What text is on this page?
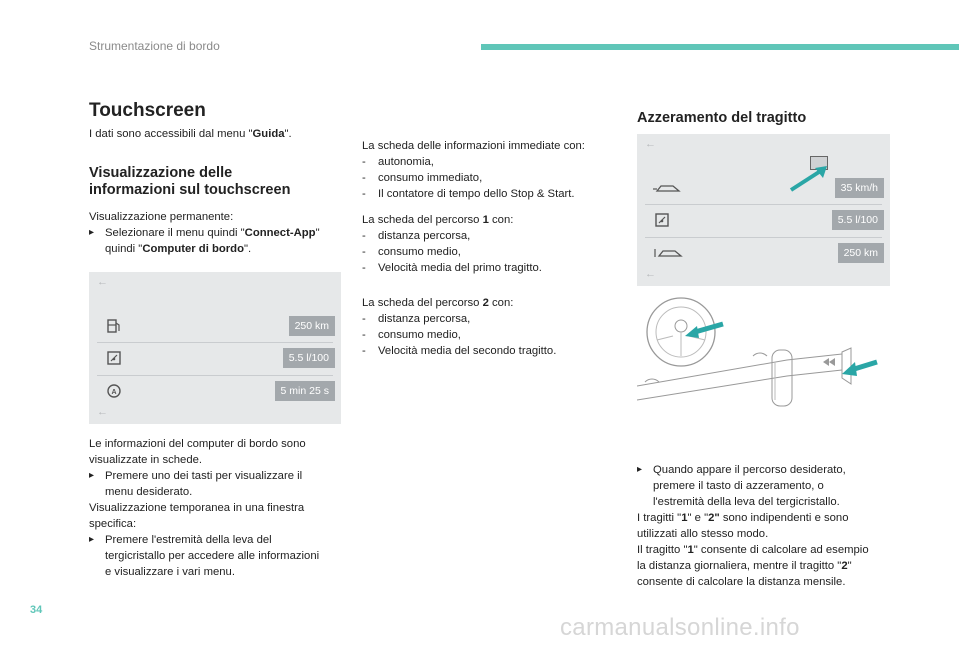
Strumentazione di bordo
Touchscreen
I dati sono accessibili dal menu "Guida".
Visualizzazione delle
informazioni sul touchscreen

Visualizzazione permanente:

▸ Selezionare il menu quindi "Connect-App"
quindi "Computer di bordo".
←
250 km
5.5 l/100
A	5 min 25 s
←

Le informazioni del computer di bordo sono

visualizzate in schede.

▸ Premere uno dei tasti per visualizzare il
menu desiderato.

Visualizzazione temporanea in una finestra

specifica:

▸ Premere l'estremità della leva del
tergicristallo per accedere alle informazioni
e visualizzare i vari menu.

La scheda delle informazioni immediate con:

- autonomia,
- consumo immediato,
- Il contatore di tempo dello Stop & Start.

La scheda del percorso 1 con:

- distanza percorsa,
- consumo medio,
- Velocità media del primo tragitto.

La scheda del percorso 2 con:

- distanza percorsa,
- consumo medio,
- Velocità media del secondo tragitto.
Azzeramento del tragitto
←
35 km/h
5.5 l/100
250 km
←
▸ Quando appare il percorso desiderato,
premere il tasto di azzeramento, o
l'estremità della leva del tergicristallo.

I tragitti "1" e "2" sono indipendenti e sono

utilizzati allo stesso modo.

Il tragitto "1" consente di calcolare ad esempio

la distanza giornaliera, mentre il tragitto "2"

consente di calcolare la distanza mensile.

34
carmanualsonline.info
